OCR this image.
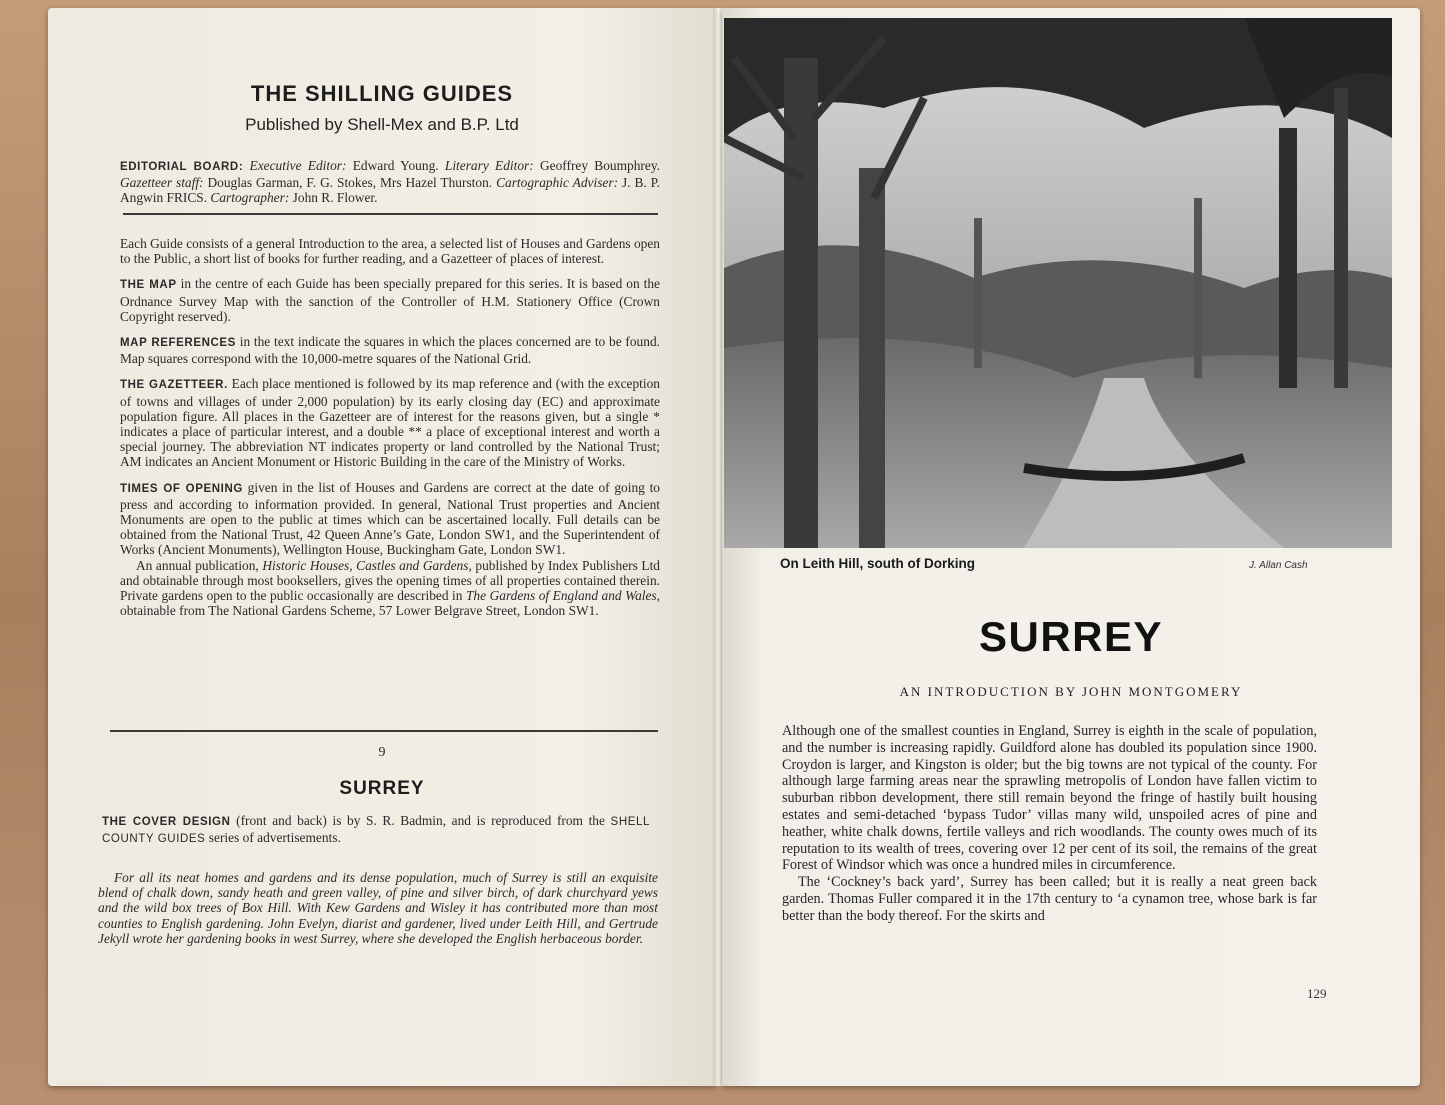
THE SHILLING GUIDES
Published by Shell-Mex and B.P. Ltd
EDITORIAL BOARD: Executive Editor: Edward Young. Literary Editor: Geoffrey Boumphrey. Gazetteer staff: Douglas Garman, F. G. Stokes, Mrs Hazel Thurston. Cartographic Adviser: J. B. P. Angwin FRICS. Cartographer: John R. Flower.

Each Guide consists of a general Introduction to the area, a selected list of Houses and Gardens open to the Public, a short list of books for further reading, and a Gazetteer of places of interest.

THE MAP in the centre of each Guide has been specially prepared for this series. It is based on the Ordnance Survey Map with the sanction of the Controller of H.M. Stationery Office (Crown Copyright reserved).

MAP REFERENCES in the text indicate the squares in which the places concerned are to be found. Map squares correspond with the 10,000-metre squares of the National Grid.

THE GAZETTEER. Each place mentioned is followed by its map reference and (with the exception of towns and villages of under 2,000 population) by its early closing day (EC) and approximate population figure. All places in the Gazetteer are of interest for the reasons given, but a single * indicates a place of particular interest, and a double ** a place of exceptional interest and worth a special journey. The abbreviation NT indicates property or land controlled by the National Trust; AM indicates an Ancient Monument or Historic Building in the care of the Ministry of Works.

TIMES OF OPENING given in the list of Houses and Gardens are correct at the date of going to press and according to information provided. In general, National Trust properties and Ancient Monuments are open to the public at times which can be ascertained locally. Full details can be obtained from the National Trust, 42 Queen Anne’s Gate, London SW1, and the Superintendent of Works (Ancient Monuments), Wellington House, Buckingham Gate, London SW1.

An annual publication, Historic Houses, Castles and Gardens, published by Index Publishers Ltd and obtainable through most booksellers, gives the opening times of all properties contained therein. Private gardens open to the public occasionally are described in The Gardens of England and Wales, obtainable from The National Gardens Scheme, 57 Lower Belgrave Street, London SW1.

9
SURREY
THE COVER DESIGN (front and back) is by S. R. Badmin, and is reproduced from the SHELL COUNTY GUIDES series of advertisements.

For all its neat homes and gardens and its dense population, much of Surrey is still an exquisite blend of chalk down, sandy heath and green valley, of pine and silver birch, of dark churchyard yews and the wild box trees of Box Hill. With Kew Gardens and Wisley it has contributed more than most counties to English gardening. John Evelyn, diarist and gardener, lived under Leith Hill, and Gertrude Jekyll wrote her gardening books in west Surrey, where she developed the English herbaceous border.

On Leith Hill, south of Dorking	J. Allan Cash
SURREY
AN INTRODUCTION BY JOHN MONTGOMERY

Although one of the smallest counties in England, Surrey is eighth in the scale of population, and the number is increasing rapidly. Guildford alone has doubled its population since 1900. Croydon is larger, and Kingston is older; but the big towns are not typical of the county. For although large farming areas near the sprawling metropolis of London have fallen victim to suburban ribbon development, there still remain beyond the fringe of hastily built housing estates and semi-detached ‘bypass Tudor’ villas many wild, unspoiled acres of pine and heather, white chalk downs, fertile valleys and rich woodlands. The county owes much of its reputation to its wealth of trees, covering over 12 per cent of its soil, the remains of the great Forest of Windsor which was once a hundred miles in circumference.

The ‘Cockney’s back yard’, Surrey has been called; but it is really a neat green back garden. Thomas Fuller compared it in the 17th century to ‘a cynamon tree, whose bark is far better than the body thereof. For the skirts and

129
